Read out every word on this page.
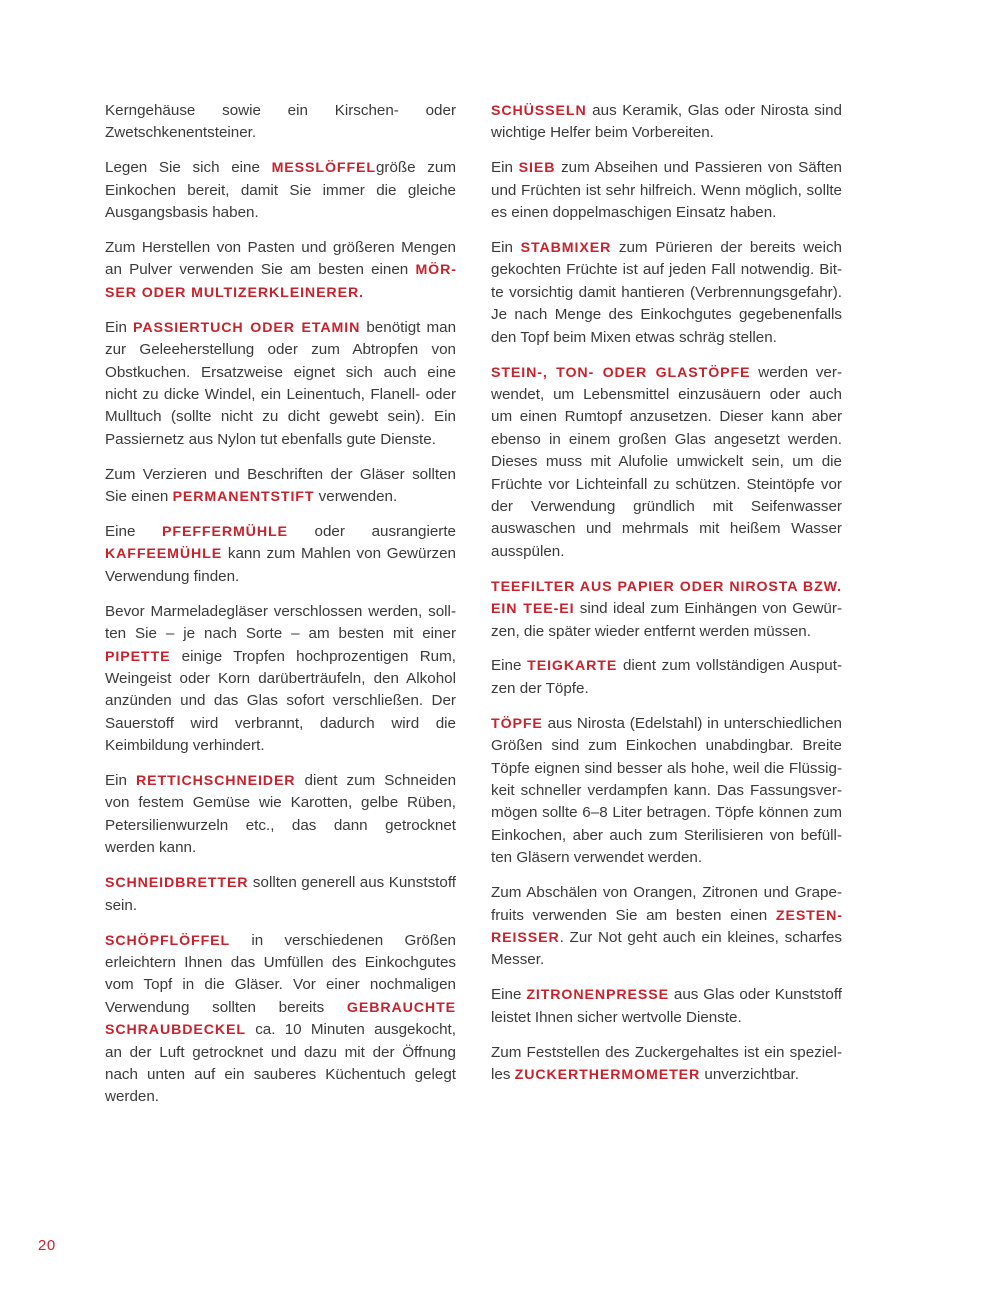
Kerngehäuse sowie ein Kirschen- oder Zwetschkenentsteiner.

Legen Sie sich eine MESSLÖFFELgröße zum Einkochen bereit, damit Sie immer die gleiche Ausgangsbasis haben.

Zum Herstellen von Pasten und größeren Mengen an Pulver verwenden Sie am besten einen MÖRSER ODER MULTIZERKLEINERER.

Ein PASSIERTUCH ODER ETAMIN benötigt man zur Geleeherstellung oder zum Abtropfen von Obstkuchen. Ersatzweise eignet sich auch eine nicht zu dicke Windel, ein Leinentuch, Flanell- oder Mulltuch (sollte nicht zu dicht gewebt sein). Ein Passiernetz aus Nylon tut ebenfalls gute Dienste.

Zum Verzieren und Beschriften der Gläser sollten Sie einen PERMANENTSTIFT verwenden.

Eine PFEFFERMÜHLE oder ausrangierte KAFFEEMÜHLE kann zum Mahlen von Gewürzen Verwendung finden.

Bevor Marmeladegläser verschlossen werden, sollten Sie – je nach Sorte – am besten mit einer PIPETTE einige Tropfen hochprozentigen Rum, Weingeist oder Korn darüberträufeln, den Alkohol anzünden und das Glas sofort verschließen. Der Sauerstoff wird verbrannt, dadurch wird die Keimbildung verhindert.

Ein RETTICHSCHNEIDER dient zum Schneiden von festem Gemüse wie Karotten, gelbe Rüben, Petersilienwurzeln etc., das dann getrocknet werden kann.

SCHNEIDBRETTER sollten generell aus Kunststoff sein.

SCHÖPFLÖFFEL in verschiedenen Größen erleichtern Ihnen das Umfüllen des Einkochgutes vom Topf in die Gläser. Vor einer nochmaligen Verwendung sollten bereits GEBRAUCHTE SCHRAUBDECKEL ca. 10 Minuten ausgekocht, an der Luft getrocknet und dazu mit der Öffnung nach unten auf ein sauberes Küchentuch gelegt werden.

SCHÜSSELN aus Keramik, Glas oder Nirosta sind wichtige Helfer beim Vorbereiten.

Ein SIEB zum Abseihen und Passieren von Säften und Früchten ist sehr hilfreich. Wenn möglich, sollte es einen doppelmaschigen Einsatz haben.

Ein STABMIXER zum Pürieren der bereits weich gekochten Früchte ist auf jeden Fall notwendig. Bitte vorsichtig damit hantieren (Verbrennungsgefahr). Je nach Menge des Einkochgutes gegebenenfalls den Topf beim Mixen etwas schräg stellen.

STEIN-, TON- ODER GLASTÖPFE werden verwendet, um Lebensmittel einzusäuern oder auch um einen Rumtopf anzusetzen. Dieser kann aber ebenso in einem großen Glas angesetzt werden. Dieses muss mit Alufolie umwickelt sein, um die Früchte vor Lichteinfall zu schützen. Steintöpfe vor der Verwendung gründlich mit Seifenwasser auswaschen und mehrmals mit heißem Wasser ausspülen.

TEEFILTER AUS PAPIER ODER NIROSTA BZW. EIN TEE-EI sind ideal zum Einhängen von Gewürzen, die später wieder entfernt werden müssen.

Eine TEIGKARTE dient zum vollständigen Ausputzen der Töpfe.

TÖPFE aus Nirosta (Edelstahl) in unterschiedlichen Größen sind zum Einkochen unabdingbar. Breite Töpfe eignen sind besser als hohe, weil die Flüssigkeit schneller verdampfen kann. Das Fassungsvermögen sollte 6–8 Liter betragen. Töpfe können zum Einkochen, aber auch zum Sterilisieren von befüllten Gläsern verwendet werden.

Zum Abschälen von Orangen, Zitronen und Grapefruits verwenden Sie am besten einen ZESTENREISSER. Zur Not geht auch ein kleines, scharfes Messer.

Eine ZITRONENPRESSE aus Glas oder Kunststoff leistet Ihnen sicher wertvolle Dienste.

Zum Feststellen des Zuckergehaltes ist ein spezielles ZUCKERTHERMOMETER unverzichtbar.

20
